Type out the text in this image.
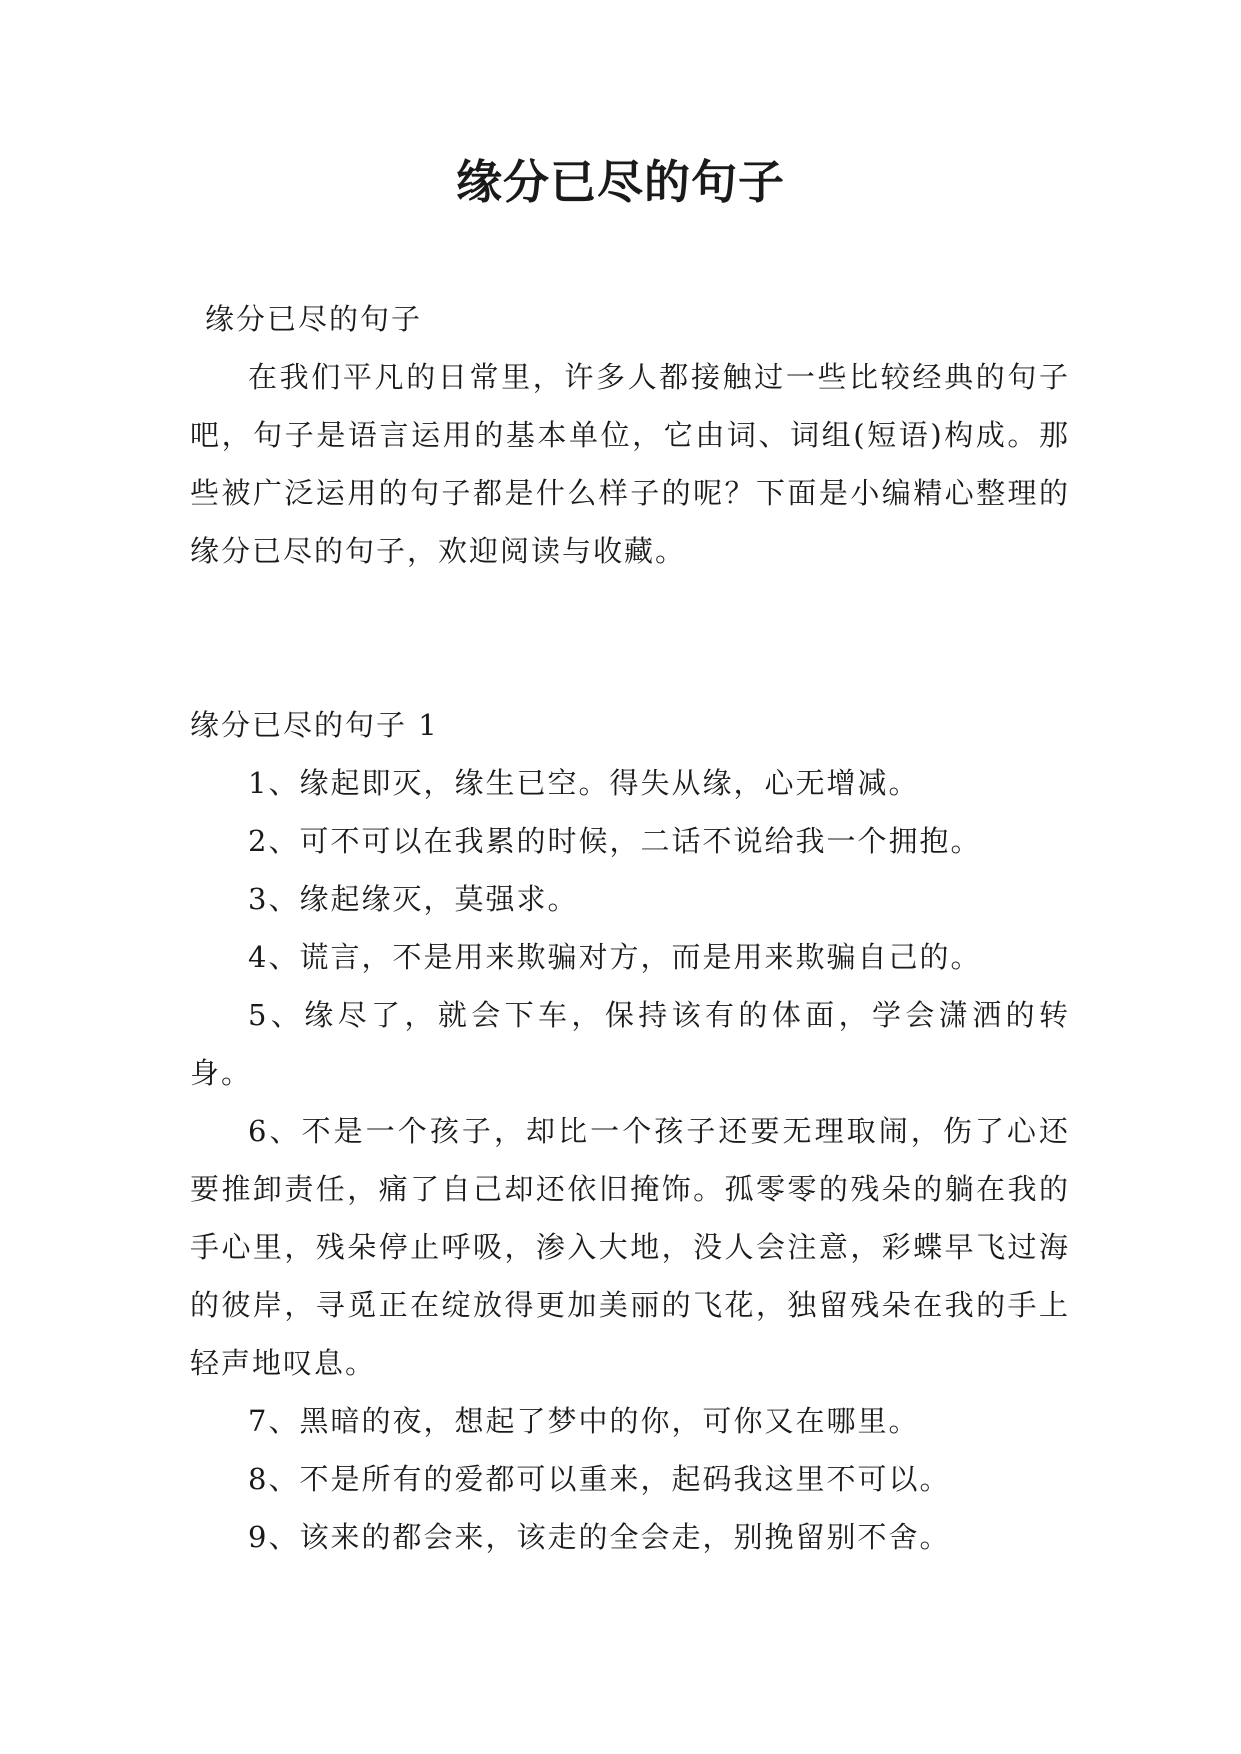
缘分已尽的句子

缘分已尽的句子

在我们平凡的日常里，许多人都接触过一些比较经典的句子吧，句子是语言运用的基本单位，它由词、词组(短语)构成。那些被广泛运用的句子都是什么样子的呢？下面是小编精心整理的缘分已尽的句子，欢迎阅读与收藏。

缘分已尽的句子 1

1、缘起即灭，缘生已空。得失从缘，心无增减。

2、可不可以在我累的时候，二话不说给我一个拥抱。

3、缘起缘灭，莫强求。

4、谎言，不是用来欺骗对方，而是用来欺骗自己的。

5、缘尽了，就会下车，保持该有的体面，学会潇洒的转身。

6、不是一个孩子，却比一个孩子还要无理取闹，伤了心还要推卸责任，痛了自己却还依旧掩饰。孤零零的残朵的躺在我的手心里，残朵停止呼吸，渗入大地，没人会注意，彩蝶早飞过海的彼岸，寻觅正在绽放得更加美丽的飞花，独留残朵在我的手上轻声地叹息。

7、黑暗的夜，想起了梦中的你，可你又在哪里。

8、不是所有的爱都可以重来，起码我这里不可以。

9、该来的都会来，该走的全会走，别挽留别不舍。
